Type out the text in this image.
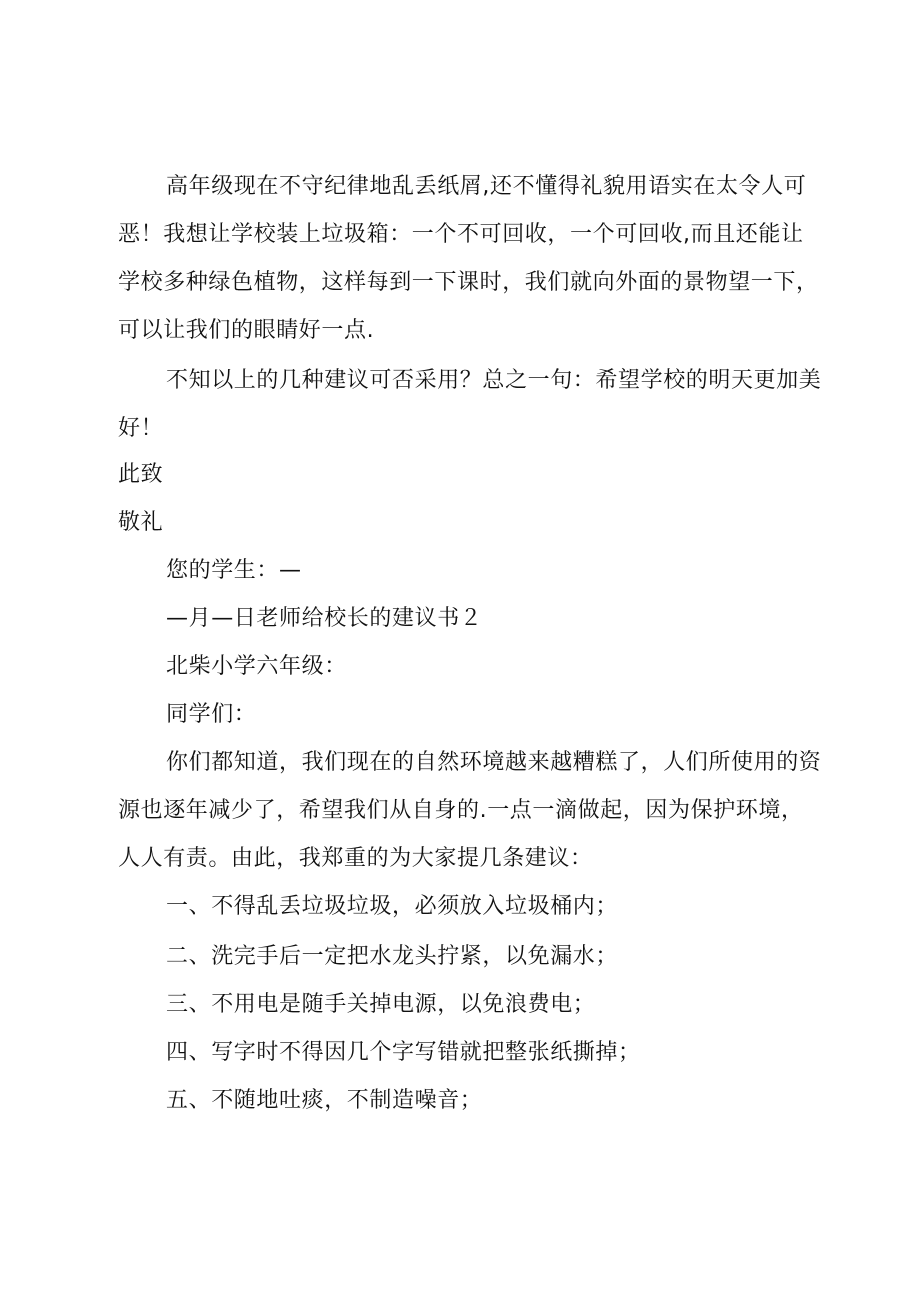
高年级现在不守纪律地乱丢纸屑,还不懂得礼貌用语实在太令人可
恶！我想让学校装上垃圾箱：一个不可回收，一个可回收,而且还能让
学校多种绿色植物，这样每到一下课时，我们就向外面的景物望一下，
可以让我们的眼睛好一点.
不知以上的几种建议可否采用？总之一句：希望学校的明天更加美
好！
此致
敬礼
您的学生：—
—月—日老师给校长的建议书２
北柴小学六年级：
同学们：
你们都知道，我们现在的自然环境越来越糟糕了，人们所使用的资
源也逐年减少了，希望我们从自身的.一点一滴做起，因为保护环境，
人人有责。由此，我郑重的为大家提几条建议：
一、不得乱丢垃圾垃圾，必须放入垃圾桶内；
二、洗完手后一定把水龙头拧紧，以免漏水；
三、不用电是随手关掉电源，以免浪费电；
四、写字时不得因几个字写错就把整张纸撕掉；
五、不随地吐痰，不制造噪音；
